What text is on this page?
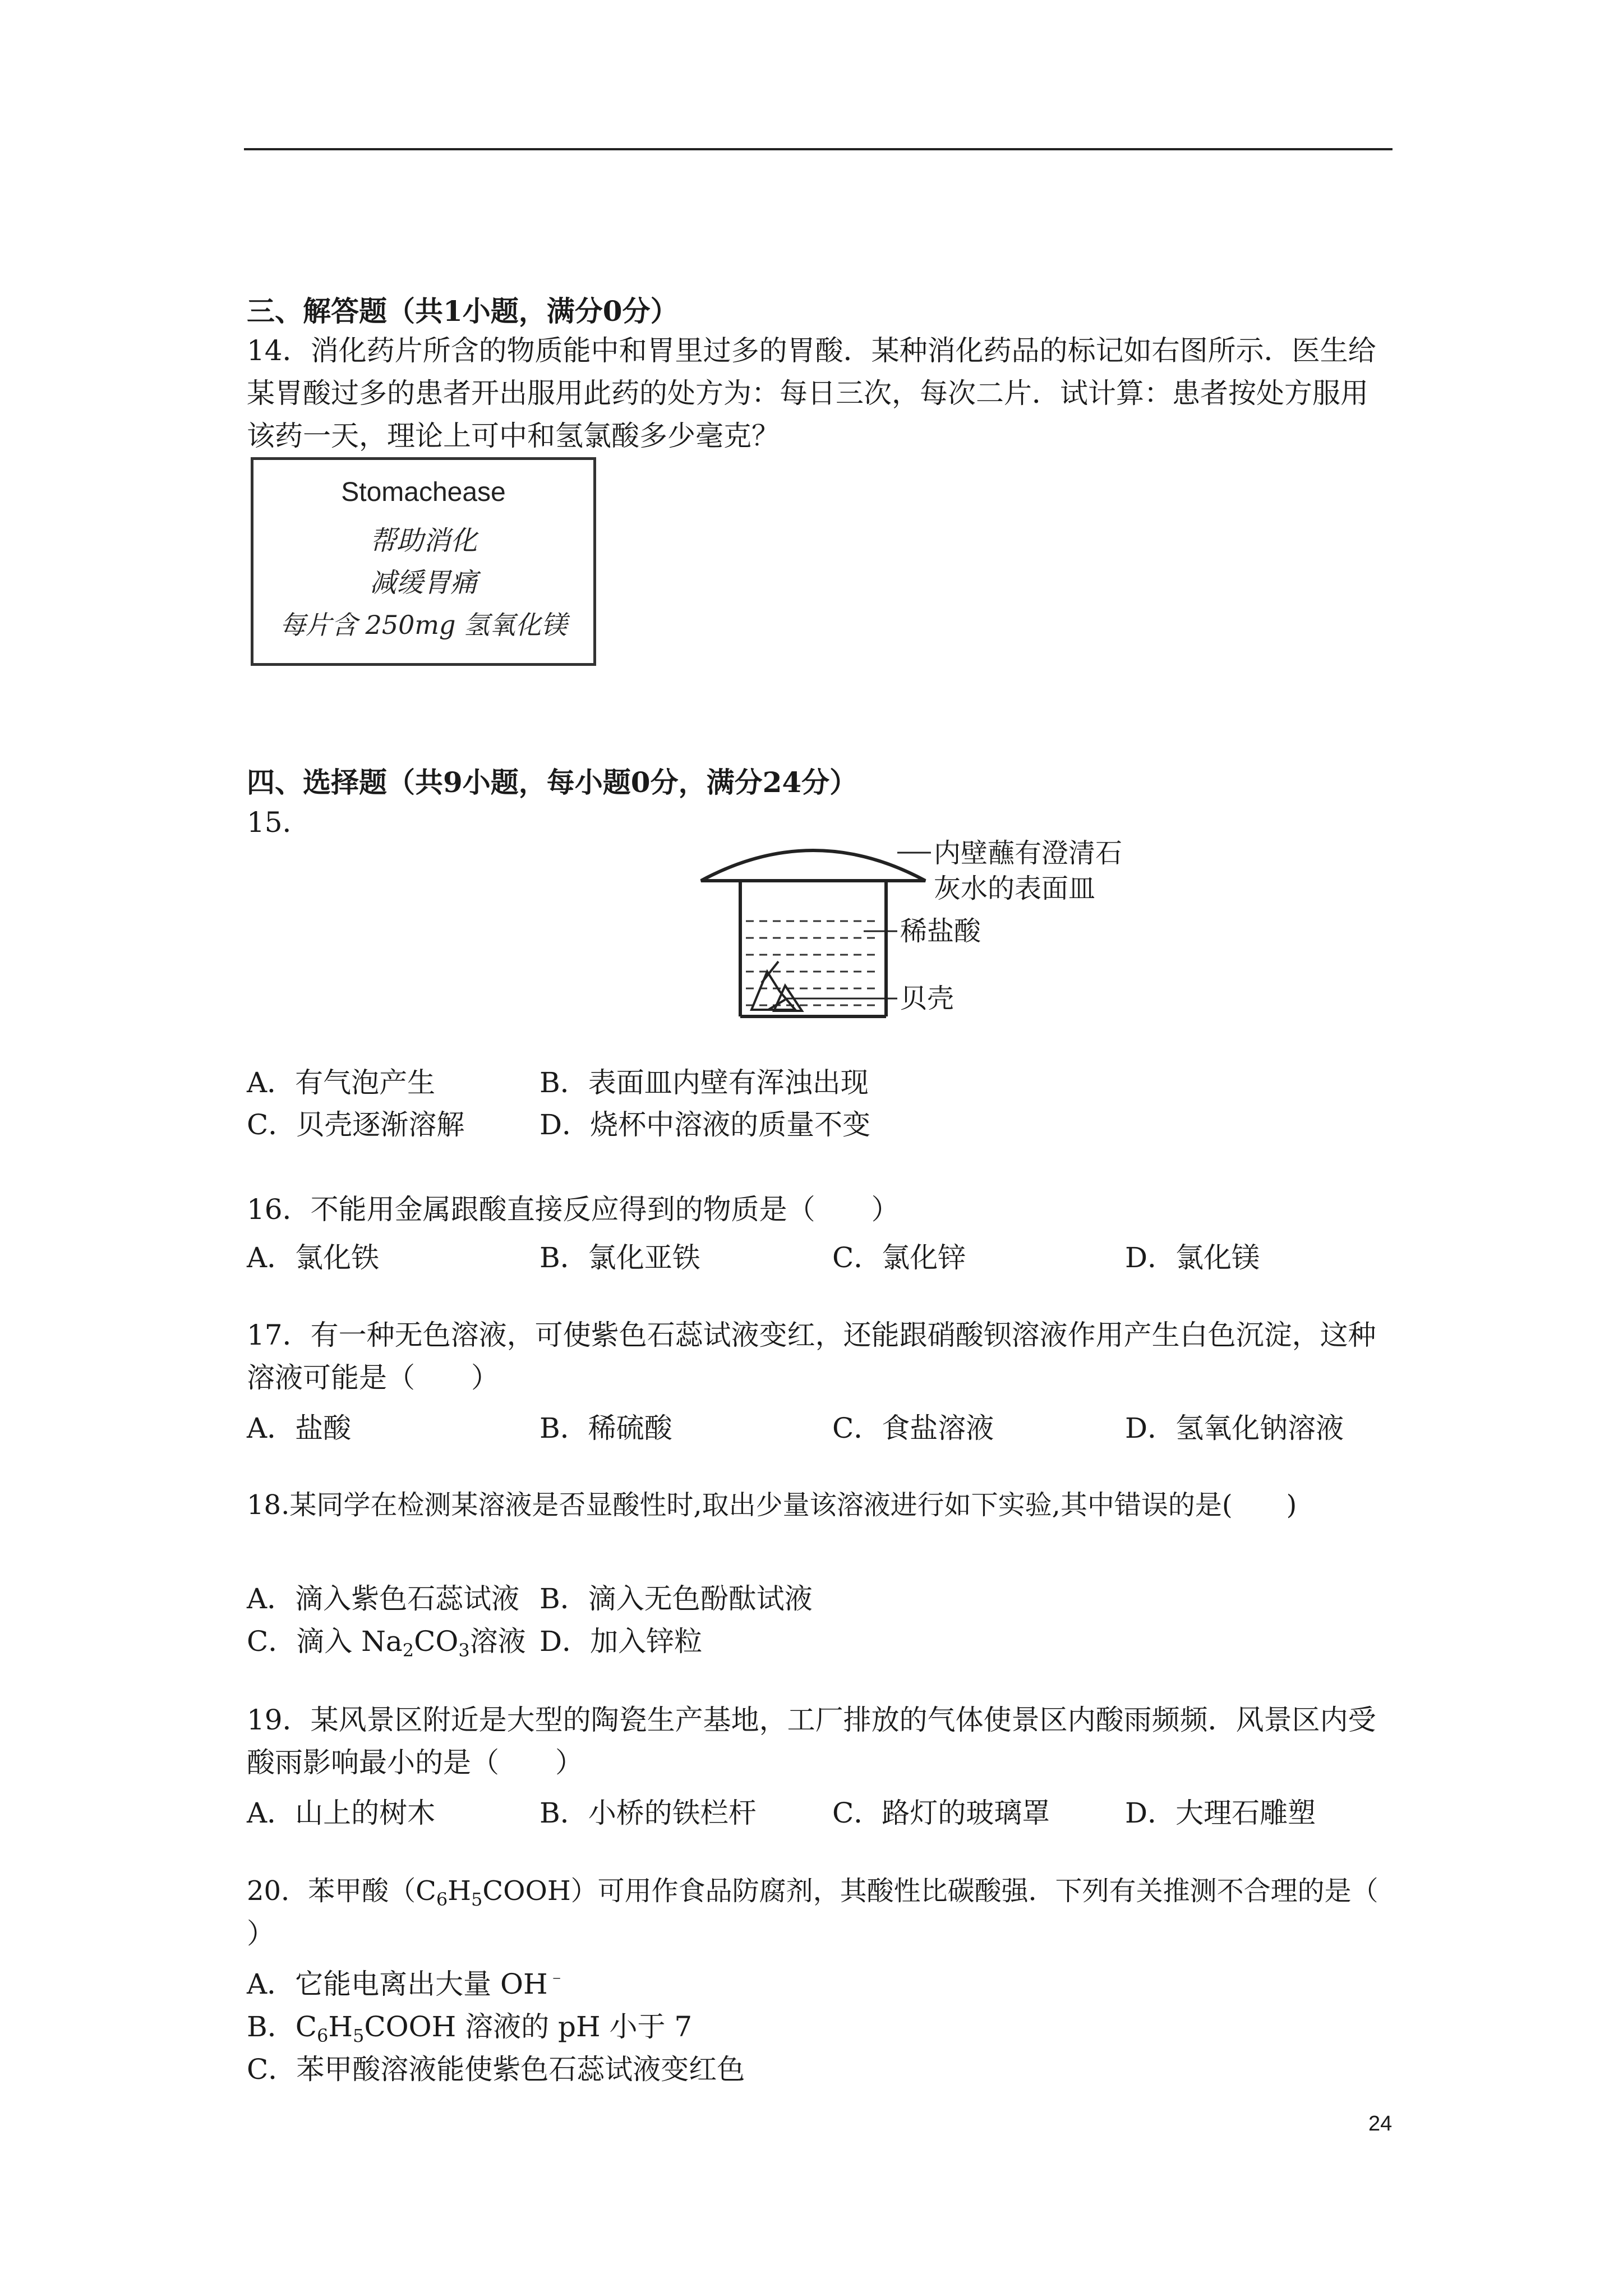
三、解答题（共1小题，满分0分）
14．消化药片所含的物质能中和胃里过多的胃酸．某种消化药品的标记如右图所示．医生给
某胃酸过多的患者开出服用此药的处方为：每日三次，每次二片．试计算：患者按处方服用
该药一天，理论上可中和氢氯酸多少毫克？
Stomachease
帮助消化
减缓胃痛
每片含 250mg 氢氧化镁
四、选择题（共9小题，每小题0分，满分24分）
15．
内壁蘸有澄清石
灰水的表面皿
稀盐酸
贝壳
A．有气泡产生	B．表面皿内壁有浑浊出现
C．贝壳逐渐溶解	D．烧杯中溶液的质量不变
16．不能用金属跟酸直接反应得到的物质是（　　）
A．氯化铁	B．氯化亚铁	C．氯化锌	D．氯化镁
17．有一种无色溶液，可使紫色石蕊试液变红，还能跟硝酸钡溶液作用产生白色沉淀，这种
溶液可能是（　　）
A．盐酸	B．稀硫酸	C．食盐溶液	D．氢氧化钠溶液
18.某同学在检测某溶液是否显酸性时,取出少量该溶液进行如下实验,其中错误的是(　　)
A．滴入紫色石蕊试液 B．滴入无色酚酞试液
C．滴入 $Na_2CO_3$溶液 D．加入锌粒
19．某风景区附近是大型的陶瓷生产基地，工厂排放的气体使景区内酸雨频频．风景区内受
酸雨影响最小的是（　　）
A．山上的树木	B．小桥的铁栏杆	C．路灯的玻璃罩	D．大理石雕塑
20．苯甲酸$(C_6H_5COOH)$可用作食品防腐剂，其酸性比碳酸强．下列有关推测不合理的是（
）
A．它能电离出大量 OH﹣
B．$C_6H_5COOH$ 溶液的 pH 小于 7
C．苯甲酸溶液能使紫色石蕊试液变红色
24
